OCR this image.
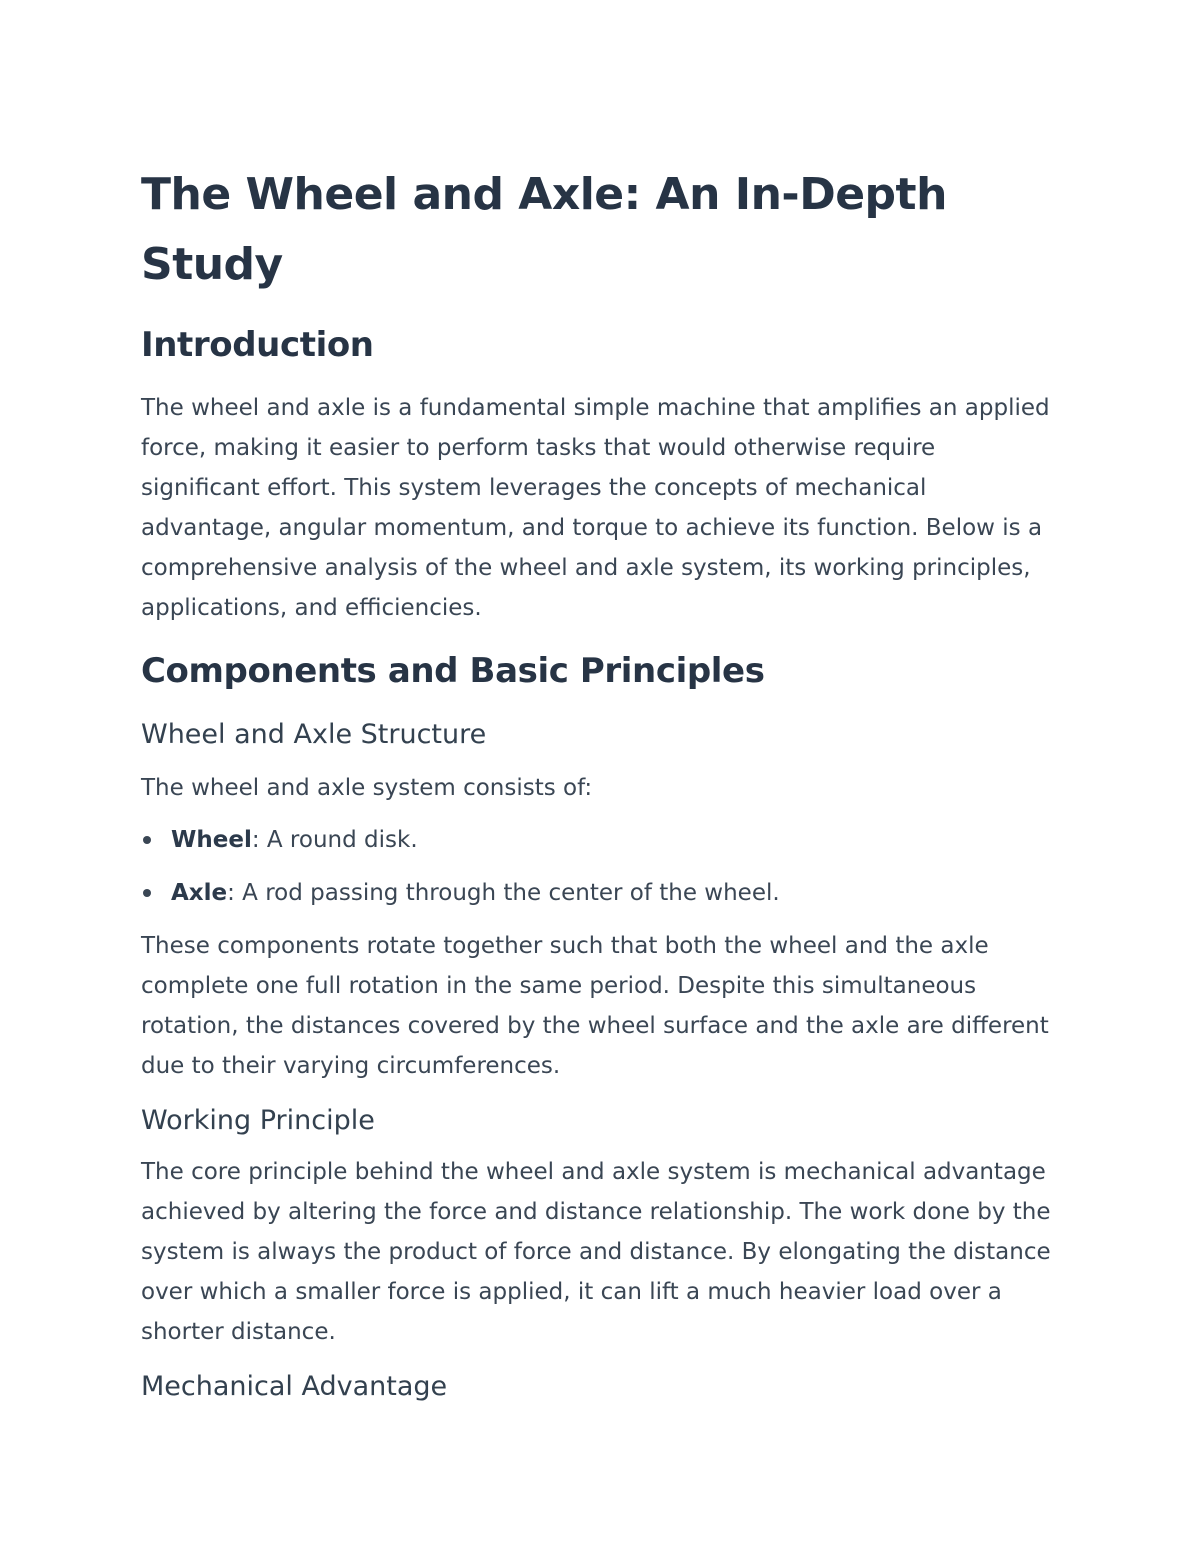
The Wheel and Axle: An In-Depth Study
Introduction

The wheel and axle is a fundamental simple machine that amplifies an applied force, making it easier to perform tasks that would otherwise require significant effort. This system leverages the concepts of mechanical advantage, angular momentum, and torque to achieve its function. Below is a comprehensive analysis of the wheel and axle system, its working principles, applications, and efficiencies.

Components and Basic Principles
Wheel and Axle Structure

The wheel and axle system consists of:

Wheel: A round disk.
Axle: A rod passing through the center of the wheel.

These components rotate together such that both the wheel and the axle complete one full rotation in the same period. Despite this simultaneous rotation, the distances covered by the wheel surface and the axle are different due to their varying circumferences.

Working Principle

The core principle behind the wheel and axle system is mechanical advantage achieved by altering the force and distance relationship. The work done by the system is always the product of force and distance. By elongating the distance over which a smaller force is applied, it can lift a much heavier load over a shorter distance.

Mechanical Advantage
